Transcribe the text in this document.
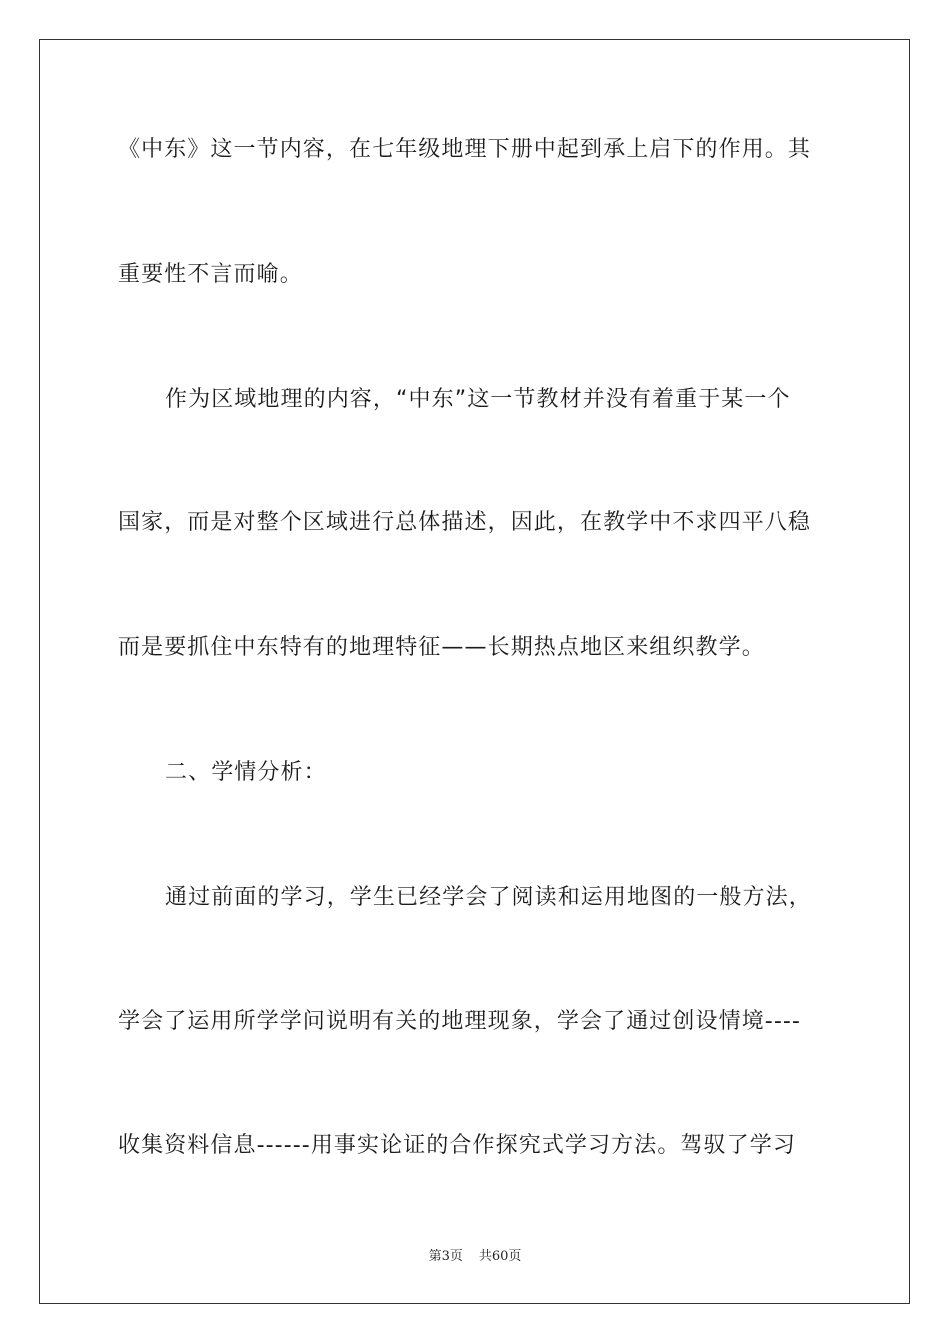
《中东》这一节内容，在七年级地理下册中起到承上启下的作用。其
重要性不言而喻。
作为区域地理的内容，“中东”这一节教材并没有着重于某一个
国家，而是对整个区域进行总体描述，因此，在教学中不求四平八稳
而是要抓住中东特有的地理特征——长期热点地区来组织教学。
二、学情分析：
通过前面的学习，学生已经学会了阅读和运用地图的一般方法，
学会了运用所学学问说明有关的地理现象，学会了通过创设情境----
收集资料信息------用事实论证的合作探究式学习方法。驾驭了学习
第3页 共60页
